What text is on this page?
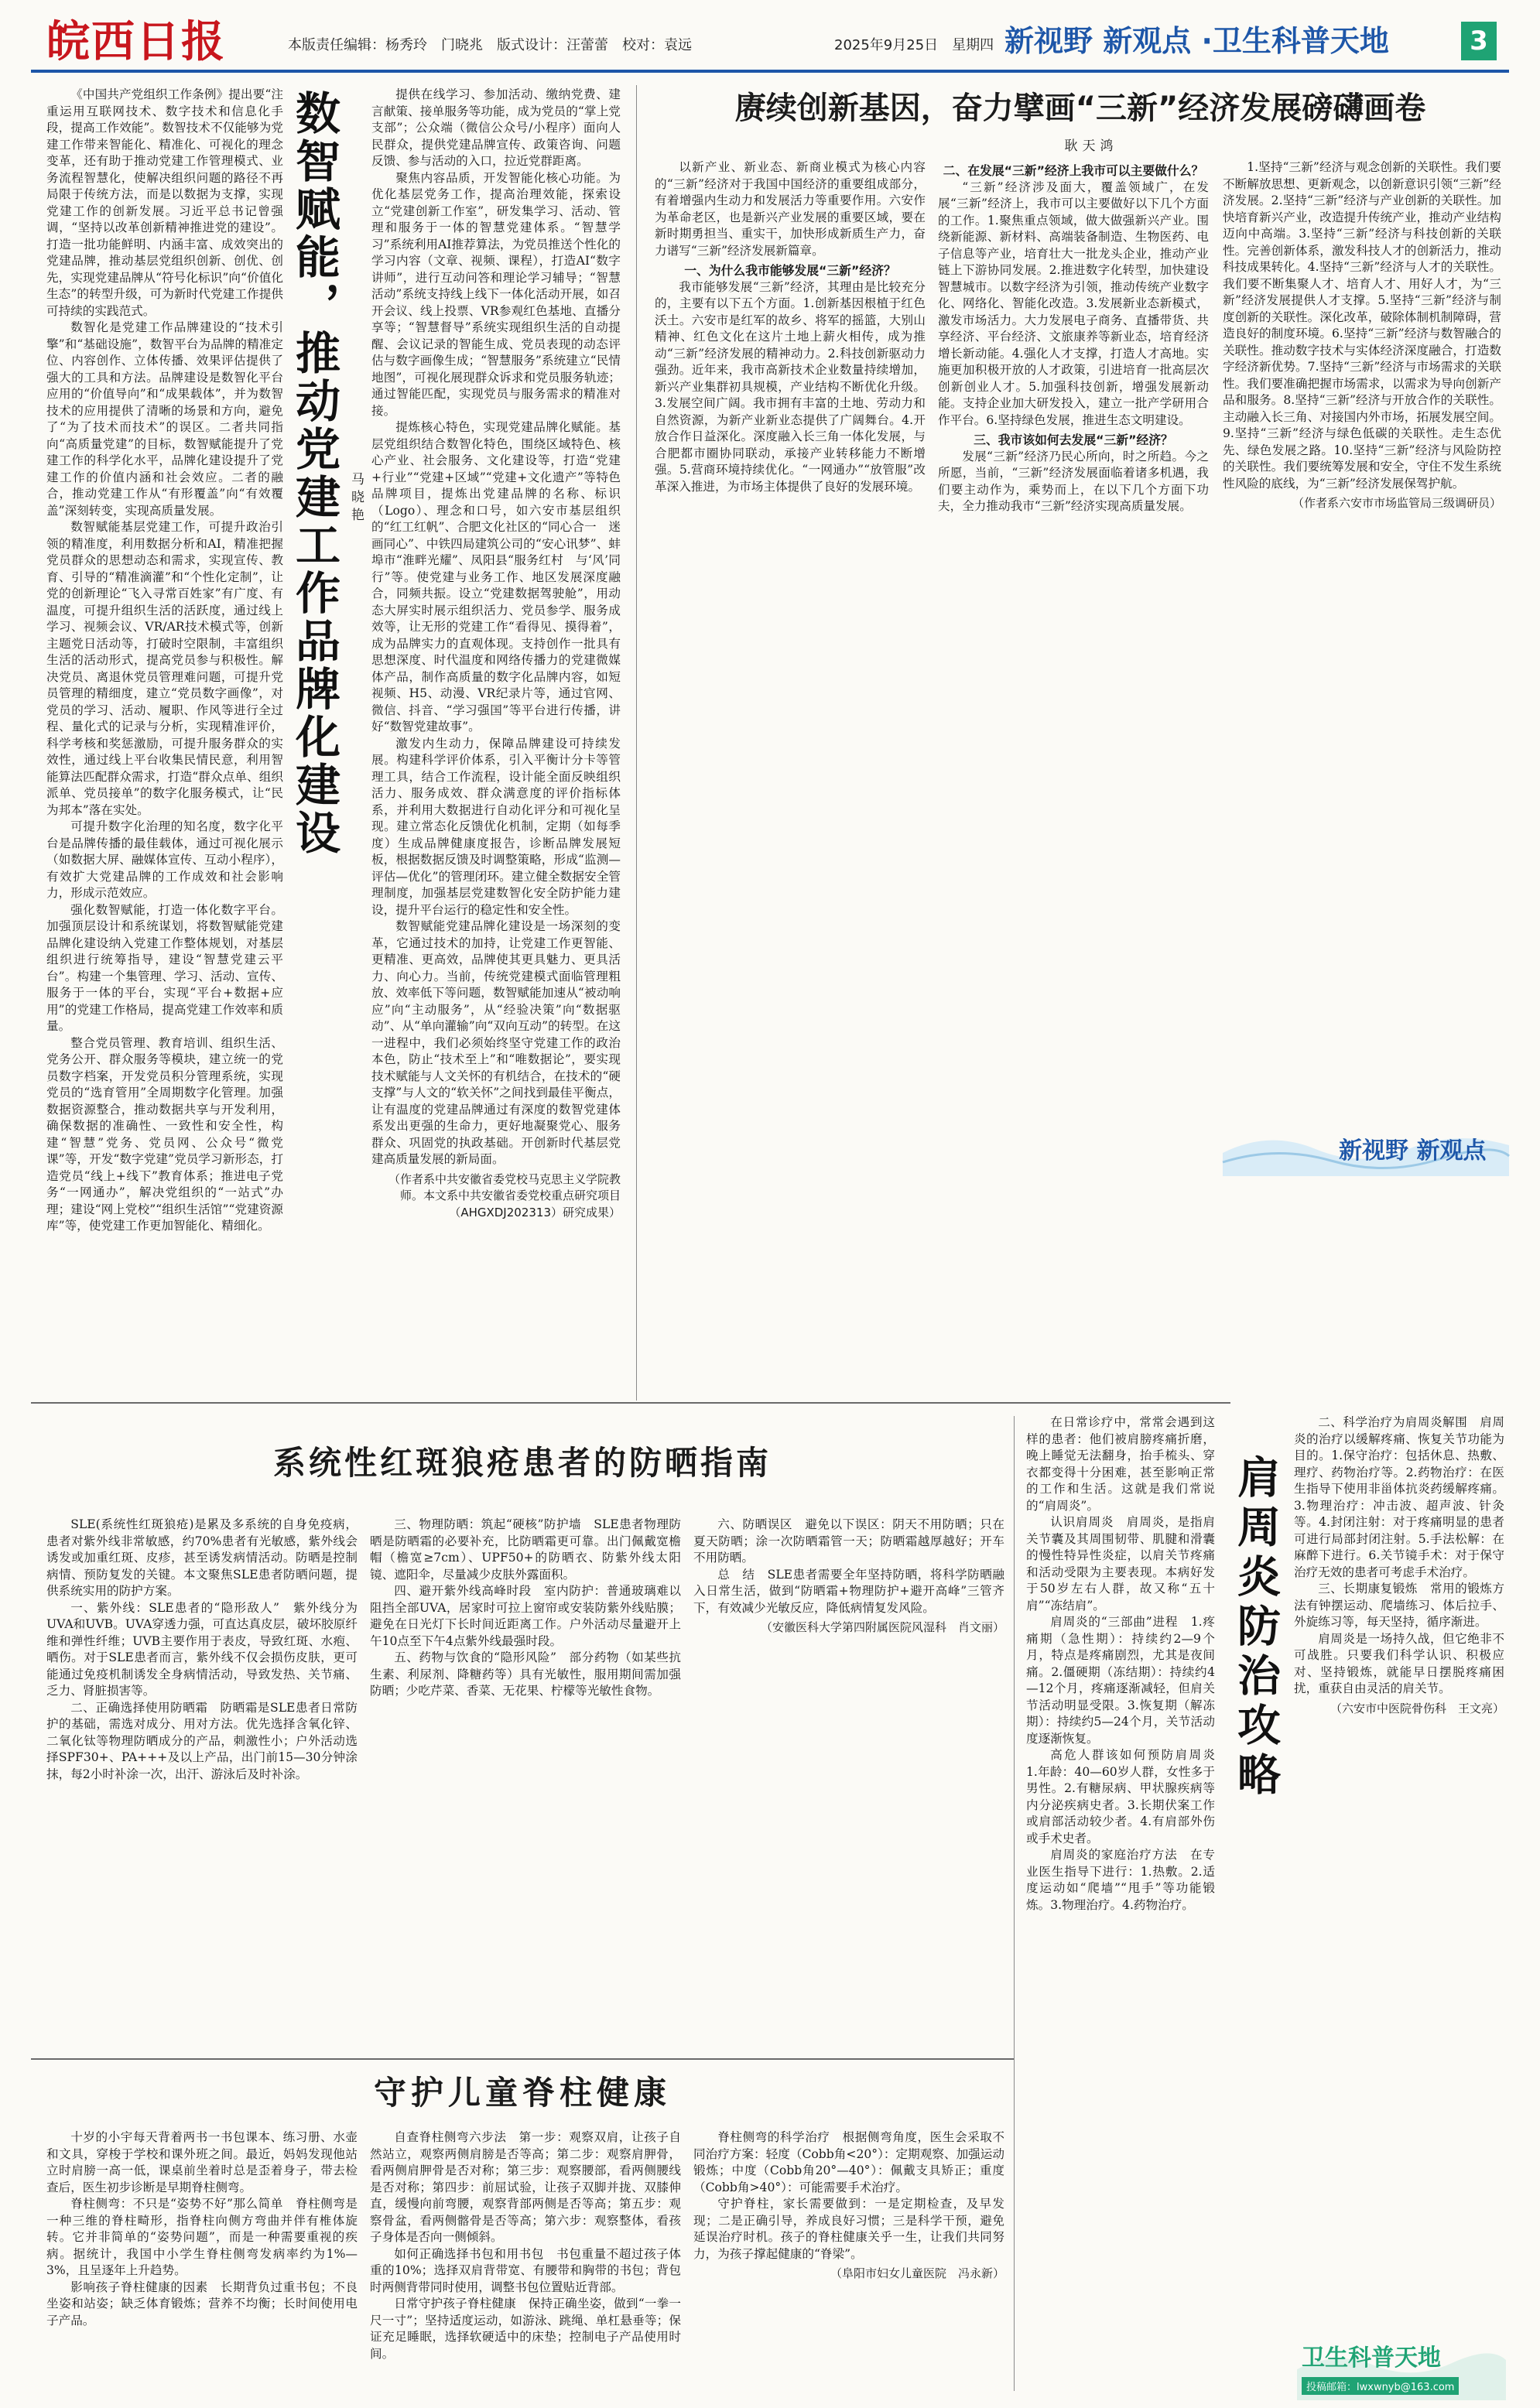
皖西日报	本版责任编辑：杨秀玲　门晓兆　版式设计：汪蕾蕾　校对：袁远	2025年9月25日　星期四 新视野 新观点 ·卫生科普天地	3
数智赋能，推动党建工作品牌化建设 马晓艳

《中国共产党组织工作条例》提出要“注重运用互联网技术、数字技术和信息化手段，提高工作效能”。数智技术不仅能够为党建工作带来智能化、精准化、可视化的理念变革，还有助于推动党建工作管理模式、业务流程智慧化，使解决组织问题的路径不再局限于传统方法，而是以数据为支撑，实现党建工作的创新发展。习近平总书记曾强调，“坚持以改革创新精神推进党的建设”。打造一批功能鲜明、内涵丰富、成效突出的党建品牌，推动基层党组织创新、创优、创先，实现党建品牌从“符号化标识”向“价值化生态”的转型升级，可为新时代党建工作提供可持续的实践范式。

数智化是党建工作品牌建设的“技术引擎”和“基础设施”，数智平台为品牌的精准定位、内容创作、立体传播、效果评估提供了强大的工具和方法。品牌建设是数智化平台应用的“价值导向”和“成果载体”，并为数智技术的应用提供了清晰的场景和方向，避免了“为了技术而技术”的误区。二者共同指向“高质量党建”的目标，数智赋能提升了党建工作的科学化水平，品牌化建设提升了党建工作的价值内涵和社会效应。二者的融合，推动党建工作从“有形覆盖”向“有效覆盖”深刻转变，实现高质量发展。

数智赋能基层党建工作，可提升政治引领的精准度，利用数据分析和AI，精准把握党员群众的思想动态和需求，实现宣传、教育、引导的“精准滴灌”和“个性化定制”，让党的创新理论“飞入寻常百姓家”有广度、有温度，可提升组织生活的活跃度，通过线上学习、视频会议、VR/AR技术模式等，创新主题党日活动等，打破时空限制，丰富组织生活的活动形式，提高党员参与积极性。解决党员、离退休党员管理难问题，可提升党员管理的精细度，建立“党员数字画像”，对党员的学习、活动、履职、作风等进行全过程、量化式的记录与分析，实现精准评价，科学考核和奖惩激励，可提升服务群众的实效性，通过线上平台收集民情民意，利用智能算法匹配群众需求，打造“群众点单、组织派单、党员接单”的数字化服务模式，让“民为邦本”落在实处。

可提升数字化治理的知名度，数字化平台是品牌传播的最佳载体，通过可视化展示（如数据大屏、融媒体宣传、互动小程序），有效扩大党建品牌的工作成效和社会影响力，形成示范效应。

强化数智赋能，打造一体化数字平台。加强顶层设计和系统谋划，将数智赋能党建品牌化建设纳入党建工作整体规划，对基层组织进行统筹指导，建设“智慧党建云平台”。构建一个集管理、学习、活动、宣传、服务于一体的平台，实现“平台+数据+应用”的党建工作格局，提高党建工作效率和质量。

整合党员管理、教育培训、组织生活、党务公开、群众服务等模块，建立统一的党员数字档案，开发党员积分管理系统，实现党员的“选育管用”全周期数字化管理。加强数据资源整合，推动数据共享与开发利用，确保数据的准确性、一致性和安全性，构建“智慧”党务、党员网、公众号“微党课”等，开发“数字党建”党员学习新形态，打造党员“线上+线下”教育体系；推进电子党务“一网通办”，解决党组织的“一站式”办理；建设“网上党校”“组织生活馆”“党建资源库”等，使党建工作更加智能化、精细化。

提供在线学习、参加活动、缴纳党费、建言献策、接单服务等功能，成为党员的“掌上党支部”；公众端（微信公众号/小程序）面向人民群众，提供党建品牌宣传、政策咨询、问题反馈、参与活动的入口，拉近党群距离。

聚焦内容品质，开发智能化核心功能。为优化基层党务工作，提高治理效能，探索设立“党建创新工作室”，研发集学习、活动、管理和服务于一体的智慧党建体系。“智慧学习”系统利用AI推荐算法，为党员推送个性化的学习内容（文章、视频、课程），打造AI“数字讲师”，进行互动问答和理论学习辅导；“智慧活动”系统支持线上线下一体化活动开展，如召开会议、线上投票、VR参观红色基地、直播分享等；“智慧督导”系统实现组织生活的自动提醒、会议记录的智能生成、党员表现的动态评估与数字画像生成；“智慧服务”系统建立“民情地图”，可视化展现群众诉求和党员服务轨迹；通过智能匹配，实现党员与服务需求的精准对接。

提炼核心特色，实现党建品牌化赋能。基层党组织结合数智化特色，围绕区域特色、核心产业、社会服务、文化建设等，打造“党建+行业”“党建+区域”“党建+文化遗产”等特色品牌项目，提炼出党建品牌的名称、标识（Logo）、理念和口号，如六安市基层组织的“红工红帆”、合肥文化社区的“同心合一　迷画同心”、中铁四局建筑公司的“安心讯梦”、蚌埠市“淮畔光耀”、凤阳县“服务红村　与‘风’同行”等。使党建与业务工作、地区发展深度融合，同频共振。设立“党建数据驾驶舱”，用动态大屏实时展示组织活力、党员参学、服务成效等，让无形的党建工作“看得见、摸得着”，成为品牌实力的直观体现。支持创作一批具有思想深度、时代温度和网络传播力的党建微媒体产品，制作高质量的数字化品牌内容，如短视频、H5、动漫、VR纪录片等，通过官网、微信、抖音、“学习强国”等平台进行传播，讲好“数智党建故事”。

激发内生动力，保障品牌建设可持续发展。构建科学评价体系，引入平衡计分卡等管理工具，结合工作流程，设计能全面反映组织活力、服务成效、群众满意度的评价指标体系，并利用大数据进行自动化评分和可视化呈现。建立常态化反馈优化机制，定期（如每季度）生成品牌健康度报告，诊断品牌发展短板，根据数据反馈及时调整策略，形成“监测—评估—优化”的管理闭环。建立健全数据安全管理制度，加强基层党建数智化安全防护能力建设，提升平台运行的稳定性和安全性。

数智赋能党建品牌化建设是一场深刻的变革，它通过技术的加持，让党建工作更智能、更精准、更高效，品牌使其更具魅力、更具活力、向心力。当前，传统党建模式面临管理粗放、效率低下等问题，数智赋能加速从“被动响应”向“主动服务”，从“经验决策”向“数据驱动”、从“单向灌输”向“双向互动”的转型。在这一进程中，我们必须始终坚守党建工作的政治本色，防止“技术至上”和“唯数据论”，要实现技术赋能与人文关怀的有机结合，在技术的“硬支撑”与人文的“软关怀”之间找到最佳平衡点，让有温度的党建品牌通过有深度的数智党建体系发出更强的生命力，更好地凝聚党心、服务群众、巩固党的执政基础。开创新时代基层党建高质量发展的新局面。

（作者系中共安徽省委党校马克思主义学院教师。本文系中共安徽省委党校重点研究项目（AHGXDJ202313）研究成果）

赓续创新基因，奋力擘画“三新”经济发展磅礴画卷
耿天鸿

以新产业、新业态、新商业模式为核心内容的“三新”经济对于我国中国经济的重要组成部分，有着增强内生动力和发展活力等重要作用。六安作为革命老区，也是新兴产业发展的重要区域，要在新时期勇担当、重实干，加快形成新质生产力，奋力谱写“三新”经济发展新篇章。

一、为什么我市能够发展“三新”经济？

我市能够发展“三新”经济，其理由是比较充分的，主要有以下五个方面。1.创新基因根植于红色沃土。六安市是红军的故乡、将军的摇篮，大别山精神、红色文化在这片土地上薪火相传，成为推动“三新”经济发展的精神动力。2.科技创新驱动力强劲。近年来，我市高新技术企业数量持续增加，新兴产业集群初具规模，产业结构不断优化升级。3.发展空间广阔。我市拥有丰富的土地、劳动力和自然资源，为新产业新业态提供了广阔舞台。4.开放合作日益深化。深度融入长三角一体化发展，与合肥都市圈协同联动，承接产业转移能力不断增强。5.营商环境持续优化。“一网通办”“放管服”改革深入推进，为市场主体提供了良好的发展环境。

二、在发展“三新”经济上我市可以主要做什么？

“三新”经济涉及面大，覆盖领域广，在发展“三新”经济上，我市可以主要做好以下几个方面的工作。1.聚焦重点领域，做大做强新兴产业。围绕新能源、新材料、高端装备制造、生物医药、电子信息等产业，培育壮大一批龙头企业，推动产业链上下游协同发展。2.推进数字化转型，加快建设智慧城市。以数字经济为引领，推动传统产业数字化、网络化、智能化改造。3.发展新业态新模式，激发市场活力。大力发展电子商务、直播带货、共享经济、平台经济、文旅康养等新业态，培育经济增长新动能。4.强化人才支撑，打造人才高地。实施更加积极开放的人才政策，引进培育一批高层次创新创业人才。5.加强科技创新，增强发展新动能。支持企业加大研发投入，建立一批产学研用合作平台。6.坚持绿色发展，推进生态文明建设。

三、我市该如何去发展“三新”经济？

发展“三新”经济乃民心所向，时之所趋。今之所愿，当前，“三新”经济发展面临着诸多机遇，我们要主动作为，乘势而上，在以下几个方面下功夫，全力推动我市“三新”经济实现高质量发展。

1.坚持“三新”经济与观念创新的关联性。我们要不断解放思想、更新观念，以创新意识引领“三新”经济发展。2.坚持“三新”经济与产业创新的关联性。加快培育新兴产业，改造提升传统产业，推动产业结构迈向中高端。3.坚持“三新”经济与科技创新的关联性。完善创新体系，激发科技人才的创新活力，推动科技成果转化。4.坚持“三新”经济与人才的关联性。我们要不断集聚人才、培育人才、用好人才，为“三新”经济发展提供人才支撑。5.坚持“三新”经济与制度创新的关联性。深化改革，破除体制机制障碍，营造良好的制度环境。6.坚持“三新”经济与数智融合的关联性。推动数字技术与实体经济深度融合，打造数字经济新优势。7.坚持“三新”经济与市场需求的关联性。我们要准确把握市场需求，以需求为导向创新产品和服务。8.坚持“三新”经济与开放合作的关联性。主动融入长三角、对接国内外市场，拓展发展空间。9.坚持“三新”经济与绿色低碳的关联性。走生态优先、绿色发展之路。10.坚持“三新”经济与风险防控的关联性。我们要统筹发展和安全，守住不发生系统性风险的底线，为“三新”经济发展保驾护航。

（作者系六安市市场监管局三级调研员）

新视野 新观点
系统性红斑狼疮患者的防晒指南

SLE(系统性红斑狼疮)是累及多系统的自身免疫病，患者对紫外线非常敏感，约70%患者有光敏感，紫外线会诱发或加重红斑、皮疹，甚至诱发病情活动。防晒是控制病情、预防复发的关键。本文聚焦SLE患者防晒问题，提供系统实用的防护方案。

一、紫外线：SLE患者的“隐形敌人”　紫外线分为UVA和UVB。UVA穿透力强，可直达真皮层，破坏胶原纤维和弹性纤维；UVB主要作用于表皮，导致红斑、水疱、晒伤。对于SLE患者而言，紫外线不仅会损伤皮肤，更可能通过免疫机制诱发全身病情活动，导致发热、关节痛、乏力、肾脏损害等。

二、正确选择使用防晒霜　防晒霜是SLE患者日常防护的基础，需选对成分、用对方法。优先选择含氧化锌、二氧化钛等物理防晒成分的产品，刺激性小；户外活动选择SPF30+、PA+++及以上产品，出门前15—30分钟涂抹，每2小时补涂一次，出汗、游泳后及时补涂。

三、物理防晒：筑起“硬核”防护墙　SLE患者物理防晒是防晒霜的必要补充，比防晒霜更可靠。出门佩戴宽檐帽（檐宽≥7cm）、UPF50+的防晒衣、防紫外线太阳镜、遮阳伞，尽量减少皮肤外露面积。

四、避开紫外线高峰时段　室内防护：普通玻璃难以阻挡全部UVA，居家时可拉上窗帘或安装防紫外线贴膜；避免在日光灯下长时间近距离工作。户外活动尽量避开上午10点至下午4点紫外线最强时段。

五、药物与饮食的“隐形风险”　部分药物（如某些抗生素、利尿剂、降糖药等）具有光敏性，服用期间需加强防晒；少吃芹菜、香菜、无花果、柠檬等光敏性食物。

六、防晒误区　避免以下误区：阴天不用防晒；只在夏天防晒；涂一次防晒霜管一天；防晒霜越厚越好；开车不用防晒。

总　结　SLE患者需要全年坚持防晒，将科学防晒融入日常生活，做到“防晒霜+物理防护+避开高峰”三管齐下，有效减少光敏反应，降低病情复发风险。

（安徽医科大学第四附属医院风湿科　肖文丽）

守护儿童脊柱健康

十岁的小宇每天背着两书一书包课本、练习册、水壶和文具，穿梭于学校和课外班之间。最近，妈妈发现他站立时肩膀一高一低，课桌前坐着时总是歪着身子，带去检查后，医生初步诊断是早期脊柱侧弯。

脊柱侧弯：不只是“姿势不好”那么简单　脊柱侧弯是一种三维的脊柱畸形，指脊柱向侧方弯曲并伴有椎体旋转。它并非简单的“姿势问题”，而是一种需要重视的疾病。据统计，我国中小学生脊柱侧弯发病率约为1%—3%，且呈逐年上升趋势。

影响孩子脊柱健康的因素　长期背负过重书包；不良坐姿和站姿；缺乏体育锻炼；营养不均衡；长时间使用电子产品。

自查脊柱侧弯六步法　第一步：观察双肩，让孩子自然站立，观察两侧肩膀是否等高；第二步：观察肩胛骨，看两侧肩胛骨是否对称；第三步：观察腰部，看两侧腰线是否对称；第四步：前屈试验，让孩子双脚并拢、双膝伸直，缓慢向前弯腰，观察背部两侧是否等高；第五步：观察骨盆，看两侧髂骨是否等高；第六步：观察整体，看孩子身体是否向一侧倾斜。

如何正确选择书包和用书包　书包重量不超过孩子体重的10%；选择双肩背带宽、有腰带和胸带的书包；背包时两侧背带同时使用，调整书包位置贴近背部。

日常守护孩子脊柱健康　保持正确坐姿，做到“一拳一尺一寸”；坚持适度运动，如游泳、跳绳、单杠悬垂等；保证充足睡眠，选择软硬适中的床垫；控制电子产品使用时间。

脊柱侧弯的科学治疗　根据侧弯角度，医生会采取不同治疗方案：轻度（Cobb角<20°）：定期观察、加强运动锻炼；中度（Cobb角20°—40°）：佩戴支具矫正；重度（Cobb角>40°）：可能需要手术治疗。

守护脊柱，家长需要做到：一是定期检查，及早发现；二是正确引导，养成良好习惯；三是科学干预，避免延误治疗时机。孩子的脊柱健康关乎一生，让我们共同努力，为孩子撑起健康的“脊梁”。

（阜阳市妇女儿童医院　冯永新）

在日常诊疗中，常常会遇到这样的患者：他们被肩膀疼痛折磨，晚上睡觉无法翻身，抬手梳头、穿衣都变得十分困难，甚至影响正常的工作和生活。这就是我们常说的“肩周炎”。

认识肩周炎　肩周炎，是指肩关节囊及其周围韧带、肌腱和滑囊的慢性特异性炎症，以肩关节疼痛和活动受限为主要表现。本病好发于50岁左右人群，故又称“五十肩”“冻结肩”。

肩周炎的“三部曲”进程　1.疼痛期（急性期）：持续约2—9个月，特点是疼痛剧烈，尤其是夜间痛。2.僵硬期（冻结期）：持续约4—12个月，疼痛逐渐减轻，但肩关节活动明显受限。3.恢复期（解冻期）：持续约5—24个月，关节活动度逐渐恢复。

高危人群该如何预防肩周炎　1.年龄：40—60岁人群，女性多于男性。2.有糖尿病、甲状腺疾病等内分泌疾病史者。3.长期伏案工作或肩部活动较少者。4.有肩部外伤或手术史者。

肩周炎的家庭治疗方法　在专业医生指导下进行：1.热敷。2.适度运动如“爬墙”“甩手”等功能锻炼。3.物理治疗。4.药物治疗。

肩周炎防治攻略

二、科学治疗为肩周炎解围　肩周炎的治疗以缓解疼痛、恢复关节功能为目的。1.保守治疗：包括休息、热敷、理疗、药物治疗等。2.药物治疗：在医生指导下使用非甾体抗炎药缓解疼痛。3.物理治疗：冲击波、超声波、针灸等。4.封闭注射：对于疼痛明显的患者可进行局部封闭注射。5.手法松解：在麻醉下进行。6.关节镜手术：对于保守治疗无效的患者可考虑手术治疗。

三、长期康复锻炼　常用的锻炼方法有钟摆运动、爬墙练习、体后拉手、外旋练习等，每天坚持，循序渐进。

肩周炎是一场持久战，但它绝非不可战胜。只要我们科学认识、积极应对、坚持锻炼，就能早日摆脱疼痛困扰，重获自由灵活的肩关节。

（六安市中医院骨伤科　王文亮）

卫生科普天地
投稿邮箱：lwxwnyb@163.com
